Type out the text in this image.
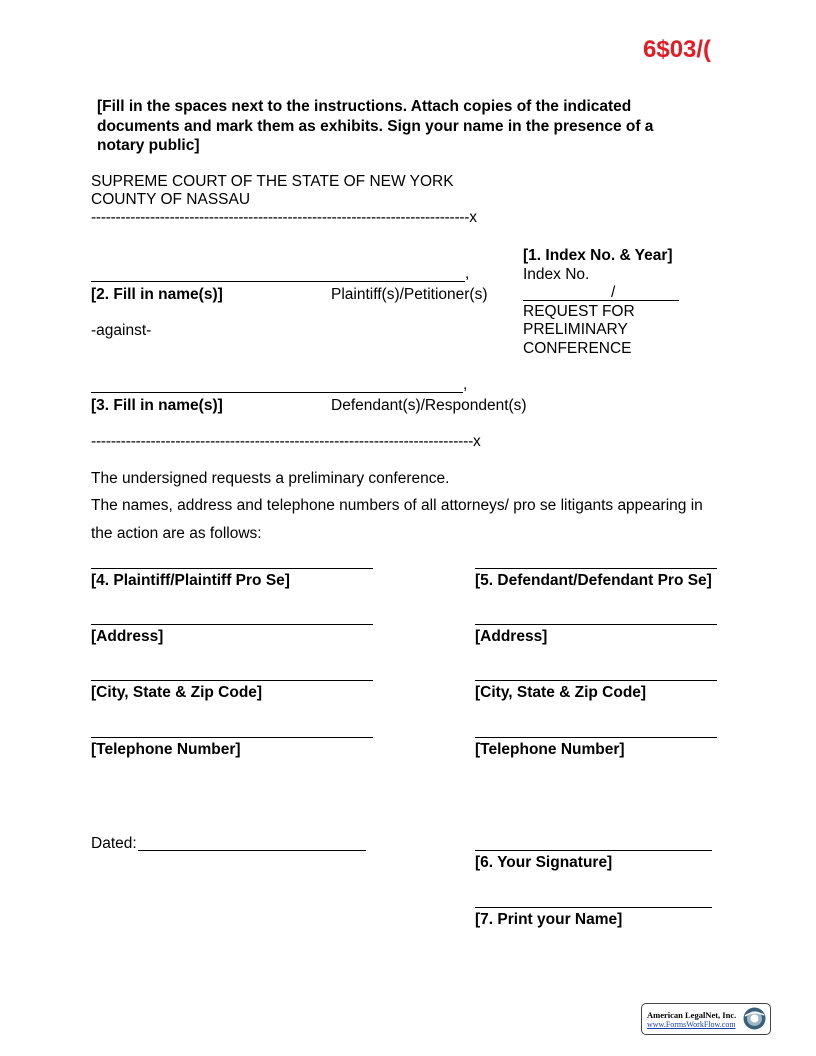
6$03/(
[Fill in the spaces next to the instructions. Attach copies of the indicated documents and mark them as exhibits. Sign your name in the presence of a notary public]
SUPREME COURT OF THE STATE OF NEW YORK
COUNTY OF NASSAU
-----------------------------------------------------------------------------x
,
[2. Fill in name(s)]	Plaintiff(s)/Petitioner(s)
-against-
,
[3. Fill in name(s)]	Defendant(s)/Respondent(s)
-----------------------------------------------------------------------------x
[1. Index No. & Year]
Index No.
/
REQUEST FOR
PRELIMINARY
CONFERENCE
The undersigned requests a preliminary conference.
The names, address and telephone numbers of all attorneys/ pro se litigants appearing in
the action are as follows:
[4. Plaintiff/Plaintiff Pro Se]
[Address]
[City, State & Zip Code]
[Telephone Number]
[5. Defendant/Defendant Pro Se]
[Address]
[City, State & Zip Code]
[Telephone Number]
Dated:
[6. Your Signature]
[7. Print your Name]
American LegalNet, Inc.
www.FormsWorkFlow.com
